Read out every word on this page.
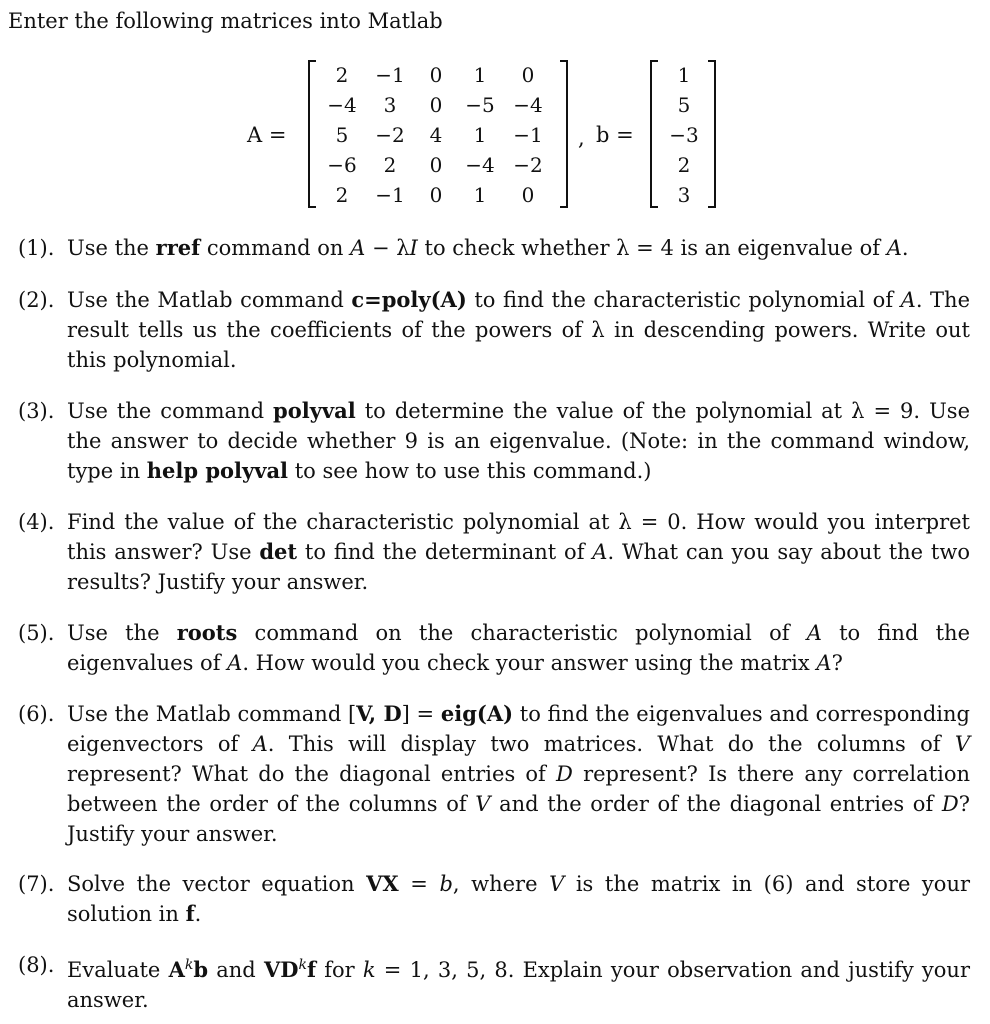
Enter the following matrices into Matlab
A =
2	−1	0	1	0
−4	3	0	−5 −4
5	−2	4	1	−1
−6	2	0	−4 −2
2	−1	0	1	0
, b =
1
5
−3
2
3
(1). Use the rref command on A − λI to check whether λ = 4 is an eigenvalue of A.
(2). Use the Matlab command c=poly(A) to find the characteristic polynomial of A. The result tells us the coefficients of the powers of λ in descending powers. Write out this polynomial.
(3). Use the command polyval to determine the value of the polynomial at λ = 9. Use the answer to decide whether 9 is an eigenvalue. (Note: in the command window, type in help polyval to see how to use this command.)
(4). Find the value of the characteristic polynomial at λ = 0. How would you interpret this answer? Use det to find the determinant of A. What can you say about the two results? Justify your answer.
(5). Use the roots command on the characteristic polynomial of A to find the eigenvalues of A. How would you check your answer using the matrix A?
(6). Use the Matlab command [V, D] = eig(A) to find the eigenvalues and corresponding eigenvectors of A. This will display two matrices. What do the columns of V represent? What do the diagonal entries of D represent? Is there any correlation between the order of the columns of V and the order of the diagonal entries of D? Justify your answer.
(7). Solve the vector equation VX = b, where V is the matrix in (6) and store your solution in f.
(8). Evaluate $A^kb$ and $VD^kf$ for k = 1, 3, 5, 8. Explain your observation and justify your answer.
